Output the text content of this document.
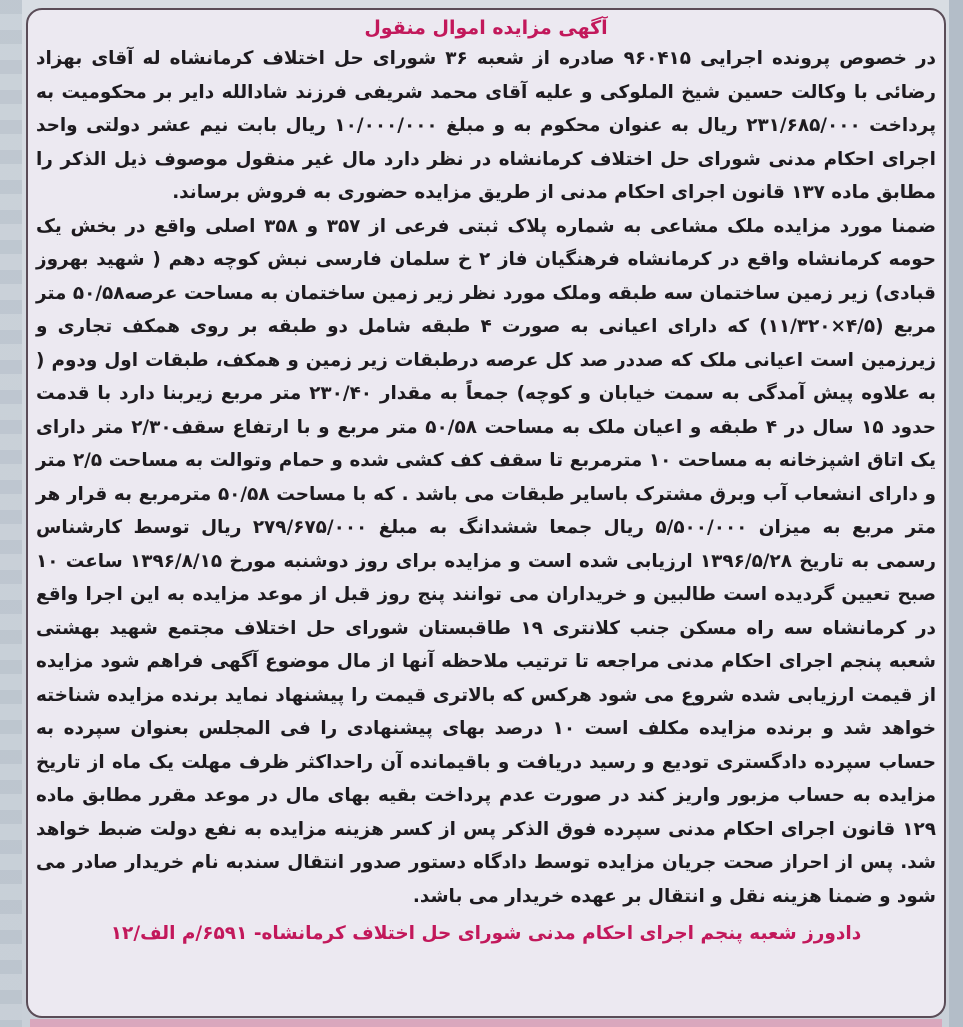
آگهی مزایده اموال منقول

در خصوص پرونده اجرایی ۹۶۰۴۱۵ صادره از شعبه ۳۶ شورای حل اختلاف کرمانشاه له آقای بهزاد رضائی با وکالت حسین شیخ الملوکی و علیه آقای محمد شریفی فرزند شادالله دایر بر محکومیت به پرداخت ۲۳۱/۶۸۵/۰۰۰ ریال به عنوان محکوم به و مبلغ ۱۰/۰۰۰/۰۰۰ ریال بابت نیم عشر دولتی واحد اجرای احکام مدنی شورای حل اختلاف کرمانشاه در نظر دارد مال غیر منقول موصوف ذیل الذکر را مطابق ماده ۱۳۷ قانون اجرای احکام مدنی از طریق مزایده حضوری به فروش برساند.

ضمنا مورد مزایده ملک مشاعی به شماره پلاک ثبتی فرعی از ۳۵۷ و ۳۵۸ اصلی واقع در بخش یک حومه کرمانشاه واقع در کرمانشاه فرهنگیان فاز ۲ خ سلمان فارسی نبش کوچه دهم ( شهید بهروز قبادی) زیر زمین ساختمان سه طبقه وملک مورد نظر زیر زمین ساختمان به مساحت عرصه۵۰/۵۸ متر مربع (۴/۵×۱۱/۳۲۰) که دارای اعیانی به صورت ۴ طبقه شامل دو طبقه بر روی همکف تجاری و زیرزمین است اعیانی ملک که صددر صد کل عرصه درطبقات زیر زمین و همکف، طبقات اول ودوم ( به علاوه پیش آمدگی به سمت خیابان و کوچه) جمعاً به مقدار ۲۳۰/۴۰ متر مربع زیربنا دارد با قدمت حدود ۱۵ سال در ۴ طبقه و اعیان ملک به مساحت ۵۰/۵۸ متر مربع و با ارتفاع سقف۲/۳۰ متر دارای یک اتاق اشپزخانه به مساحت ۱۰ مترمربع تا سقف کف کشی شده و حمام وتوالت به مساحت ۲/۵ متر و دارای انشعاب آب وبرق مشترک باسایر طبقات می باشد . که با مساحت ۵۰/۵۸ مترمربع به قرار هر متر مربع به میزان ۵/۵۰۰/۰۰۰ ریال جمعا ششدانگ به مبلغ ۲۷۹/۶۷۵/۰۰۰ ریال توسط کارشناس رسمی به تاریخ ۱۳۹۶/۵/۲۸ ارزیابی شده است و مزایده برای روز دوشنبه مورخ ۱۳۹۶/۸/۱۵ ساعت ۱۰ صبح تعیین گردیده است طالبین و خریداران می توانند پنج روز قبل از موعد مزایده به این اجرا واقع در کرمانشاه سه راه مسکن جنب کلانتری ۱۹ طاقبستان شورای حل اختلاف مجتمع شهید بهشتی شعبه پنجم اجرای احکام مدنی مراجعه تا ترتیب ملاحظه آنها از مال موضوع آگهی فراهم شود مزایده از قیمت ارزیابی شده شروع می شود هرکس که بالاتری قیمت را پیشنهاد نماید برنده مزایده شناخته خواهد شد و برنده مزایده مکلف است ۱۰ درصد بهای پیشنهادی را فی المجلس بعنوان سپرده به حساب سپرده دادگستری تودیع و رسید دریافت و باقیمانده آن راحداکثر ظرف مهلت یک ماه از تاریخ مزایده به حساب مزبور واریز کند در صورت عدم پرداخت بقیه بهای مال در موعد مقرر مطابق ماده ۱۲۹ قانون اجرای احکام مدنی سپرده فوق الذکر پس از کسر هزینه مزایده به نفع دولت ضبط خواهد شد. پس از احراز صحت جریان مزایده توسط دادگاه دستور صدور انتقال سندبه نام خریدار صادر می شود و ضمنا هزینه نقل و انتقال بر عهده خریدار می باشد.

دادورز شعبه پنجم اجرای احکام مدنی شورای حل اختلاف کرمانشاه- ۶۵۹۱/م الف/۱۲
